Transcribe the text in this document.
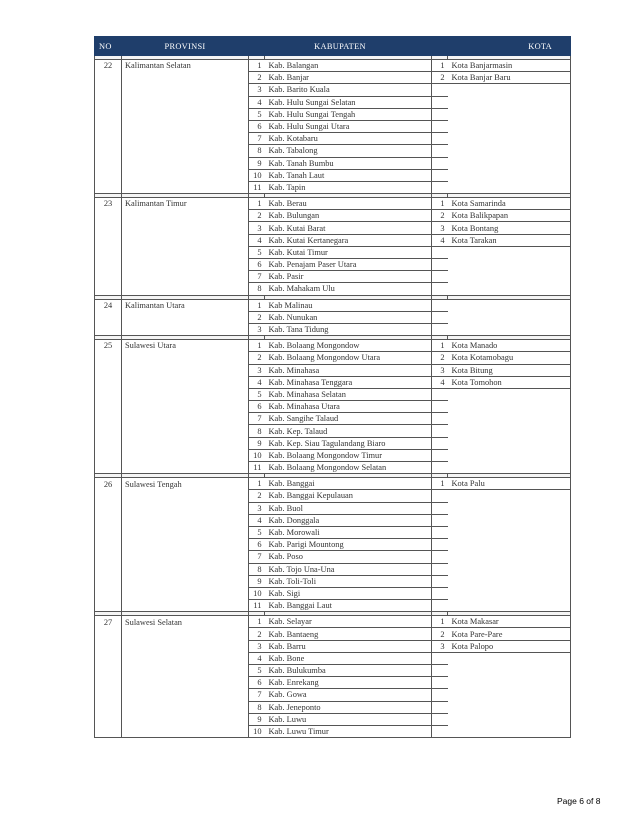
NO	PROVINSI	KABUPATEN		KOTA	

22	Kalimantan Selatan	1	Kab. Balangan	1	Kota Banjarmasin
		2	Kab. Banjar	2	Kota Banjar Baru
		3	Kab. Barito Kuala		
		4	Kab. Hulu Sungai Selatan		
		5	Kab. Hulu Sungai Tengah		
		6	Kab. Hulu Sungai Utara		
		7	Kab. Kotabaru		
		8	Kab. Tabalong		
		9	Kab. Tanah Bumbu		
		10	Kab. Tanah Laut		
		11	Kab. Tapin		

23	Kalimantan Timur	1	Kab. Berau	1	Kota Samarinda
		2	Kab. Bulungan	2	Kota Balikpapan
		3	Kab. Kutai Barat	3	Kota Bontang
		4	Kab. Kutai Kertanegara	4	Kota Tarakan
		5	Kab. Kutai Timur		
		6	Kab. Penajam Paser Utara		
		7	Kab. Pasir		
		8	Kab. Mahakam Ulu		

24	Kalimantan Utara	1	Kab Malinau		
		2	Kab. Nunukan		
		3	Kab. Tana Tidung		

25	Sulawesi Utara	1	Kab. Bolaang Mongondow	1	Kota Manado
		2	Kab. Bolaang Mongondow Utara	2	Kota Kotamobagu
		3	Kab. Minahasa	3	Kota Bitung
		4	Kab. Minahasa Tenggara	4	Kota Tomohon
		5	Kab. Minahasa Selatan		
		6	Kab. Minahasa Utara		
		7	Kab. Sangihe Talaud		
		8	Kab. Kep. Talaud		
		9	Kab. Kep. Siau Tagulandang Biaro		
		10	Kab. Bolaang Mongondow Timur		
		11	Kab. Bolaang Mongondow Selatan		

26	Sulawesi Tengah	1	Kab. Banggai	1	Kota Palu
		2	Kab. Banggai Kepulauan		
		3	Kab. Buol		
		4	Kab. Donggala		
		5	Kab. Morowali		
		6	Kab. Parigi Mountong		
		7	Kab. Poso		
		8	Kab. Tojo Una-Una		
		9	Kab. Toli-Toli		
		10	Kab. Sigi		
		11	Kab. Banggai Laut		

27	Sulawesi Selatan	1	Kab. Selayar	1	Kota Makasar
		2	Kab. Bantaeng	2	Kota Pare-Pare
		3	Kab. Barru	3	Kota Palopo
		4	Kab. Bone		
		5	Kab. Bulukumba		
		6	Kab. Enrekang		
		7	Kab. Gowa		
		8	Kab. Jeneponto		
		9	Kab. Luwu		
		10	Kab. Luwu Timur		
Page 6 of 8
